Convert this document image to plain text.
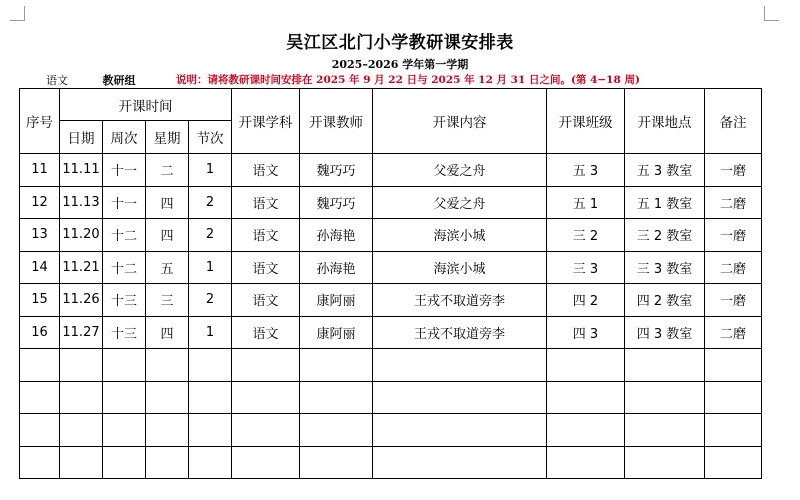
吴江区北门小学教研课安排表
2025–2026 学年第一学期
语文	教研组	说明：请将教研课时间安排在 2025 年 9 月 22 日与 2025 年 12 月 31 日之间。(第 4−18 周)
序号	开课时间				开课学科	开课教师	开课内容	开课班级	开课地点	备注
	日期	周次	星期	节次						
11	11.11	十一	二	1	语文	魏巧巧	父爱之舟	五 3	五 3 教室	一磨
12	11.13	十一	四	2	语文	魏巧巧	父爱之舟	五 1	五 1 教室	二磨
13	11.20	十二	四	2	语文	孙海艳	海滨小城	三 2	三 2 教室	一磨
14	11.21	十二	五	1	语文	孙海艳	海滨小城	三 3	三 3 教室	二磨
15	11.26	十三	三	2	语文	康阿丽	王戎不取道旁李	四 2	四 2 教室	一磨
16	11.27	十三	四	1	语文	康阿丽	王戎不取道旁李	四 3	四 3 教室	二磨
